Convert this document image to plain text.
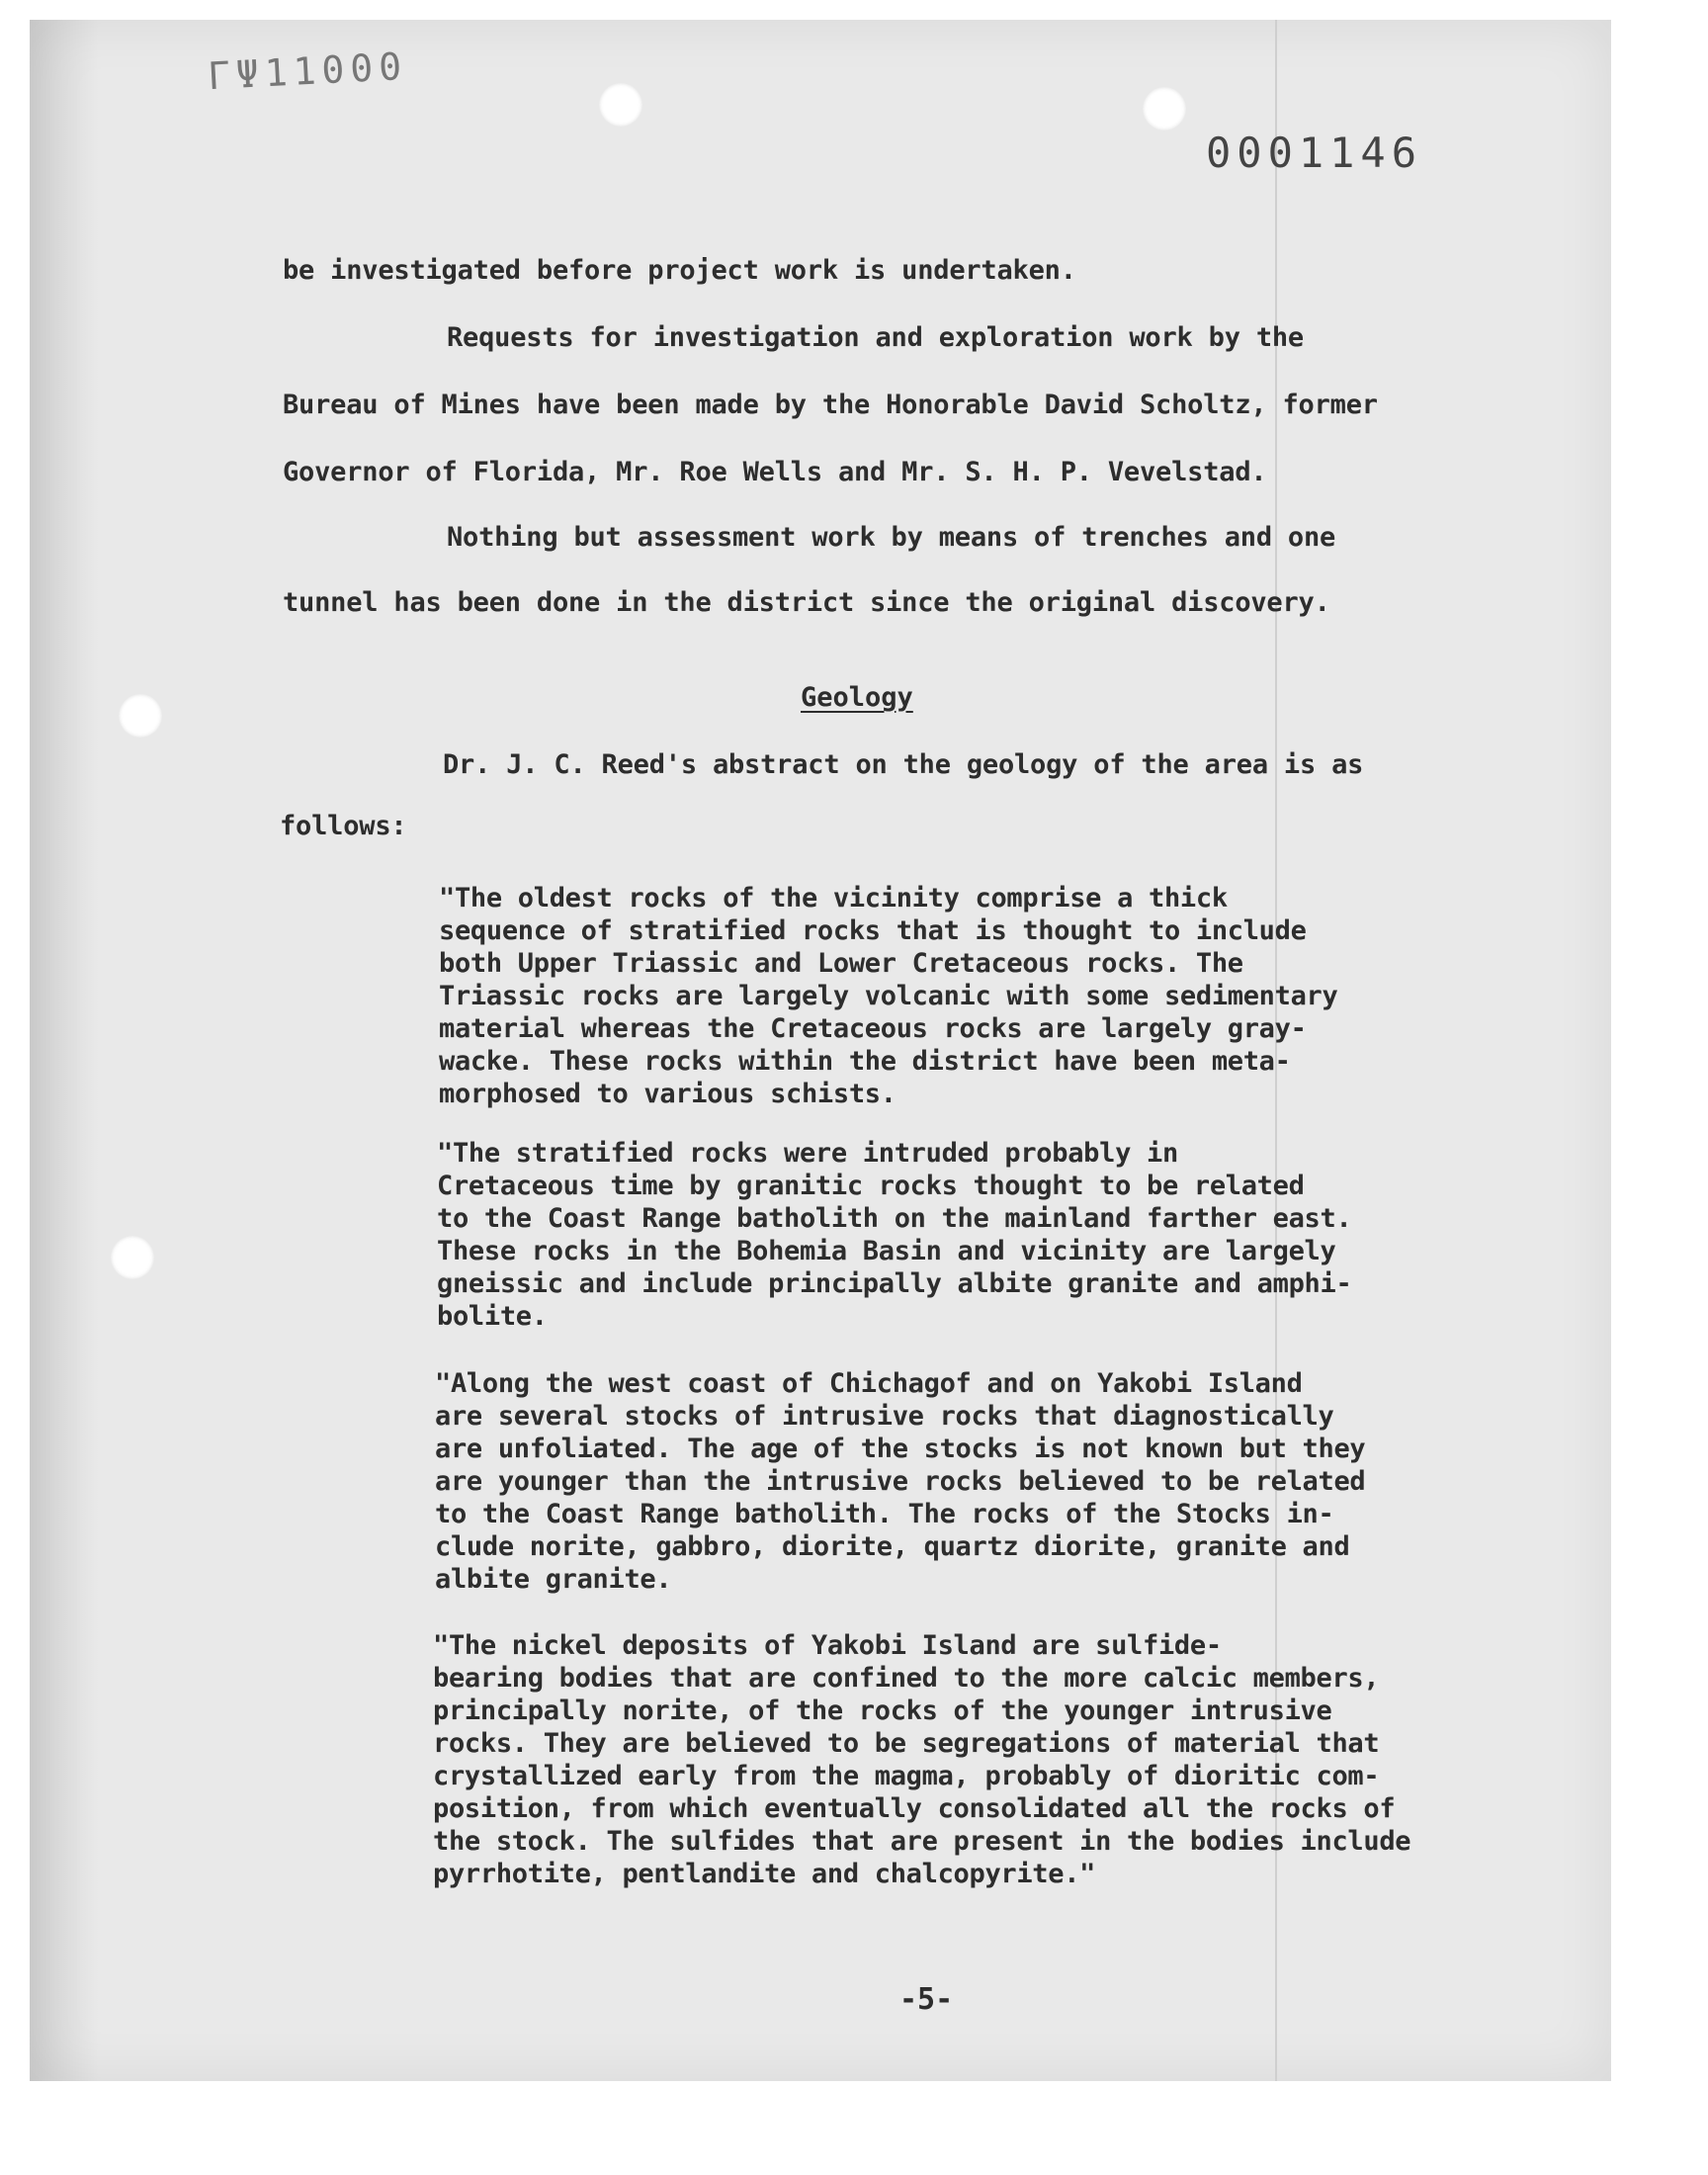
ΓΨ11000
0001146
be investigated before project work is undertaken.
Requests for investigation and exploration work by the
Bureau of Mines have been made by the Honorable David Scholtz, former
Governor of Florida, Mr. Roe Wells and Mr. S. H. P. Vevelstad.
Nothing but assessment work by means of trenches and one
tunnel has been done in the district since the original discovery.
Geology
Dr. J. C. Reed's abstract on the geology of the area is as
follows:
"The oldest rocks of the vicinity comprise a thick
sequence of stratified rocks that is thought to include
both Upper Triassic and Lower Cretaceous rocks. The
Triassic rocks are largely volcanic with some sedimentary
material whereas the Cretaceous rocks are largely gray-
wacke. These rocks within the district have been meta-
morphosed to various schists.
"The stratified rocks were intruded probably in
Cretaceous time by granitic rocks thought to be related
to the Coast Range batholith on the mainland farther east.
These rocks in the Bohemia Basin and vicinity are largely
gneissic and include principally albite granite and amphi-
bolite.
"Along the west coast of Chichagof and on Yakobi Island
are several stocks of intrusive rocks that diagnostically
are unfoliated. The age of the stocks is not known but they
are younger than the intrusive rocks believed to be related
to the Coast Range batholith. The rocks of the Stocks in-
clude norite, gabbro, diorite, quartz diorite, granite and
albite granite.
"The nickel deposits of Yakobi Island are sulfide-
bearing bodies that are confined to the more calcic members,
principally norite, of the rocks of the younger intrusive
rocks. They are believed to be segregations of material that
crystallized early from the magma, probably of dioritic com-
position, from which eventually consolidated all the rocks of
the stock. The sulfides that are present in the bodies include
pyrrhotite, pentlandite and chalcopyrite."
-5-
